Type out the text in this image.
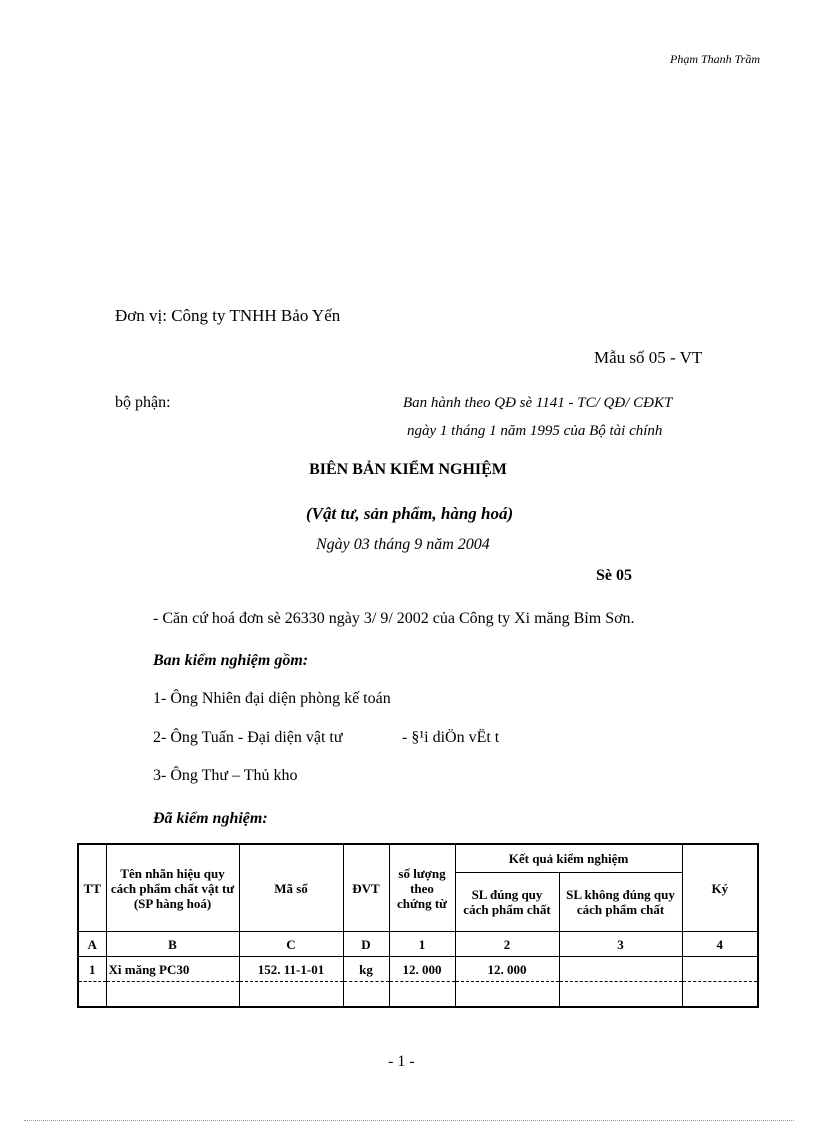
Phạm Thanh Trầm
Đơn vị: Công ty TNHH Bảo Yến
Mẫu số 05 - VT
bộ phận:	Ban hành theo QĐ sè 1141 - TC/ QĐ/ CĐKT
ngày 1 tháng 1 năm 1995 của Bộ tài chính
BIÊN BẢN KIỂM NGHIỆM
(Vật tư, sản phẩm, hàng hoá)
Ngày 03 tháng 9 năm 2004
Sè 05
- Căn cứ hoá đơn sè 26330 ngày 3/ 9/ 2002 của Công ty Xi măng Bỉm Sơn.
Ban kiểm nghiệm gồm:
1- Ông Nhiên đại diện phòng kế toán
2- Ông Tuấn - Đại diện vật tư	- §¹i diÖn vËt t
3- Ông Thư – Thủ kho
Đã kiểm nghiệm:
TT	Tên nhãn hiệu quy cách phẩm chất vật tư (SP hàng hoá)	Mã số	ĐVT	số lượng theo chứng từ	Kết quả kiểm nghiệm		Ký
					SL đúng quy cách phẩm chất	SL không đúng quy cách phẩm chất	
A	B	C	D	1	2	3	4
1	Xi măng PC30	152. 11-1-01	kg	12. 000	12. 000		

- 1 -
